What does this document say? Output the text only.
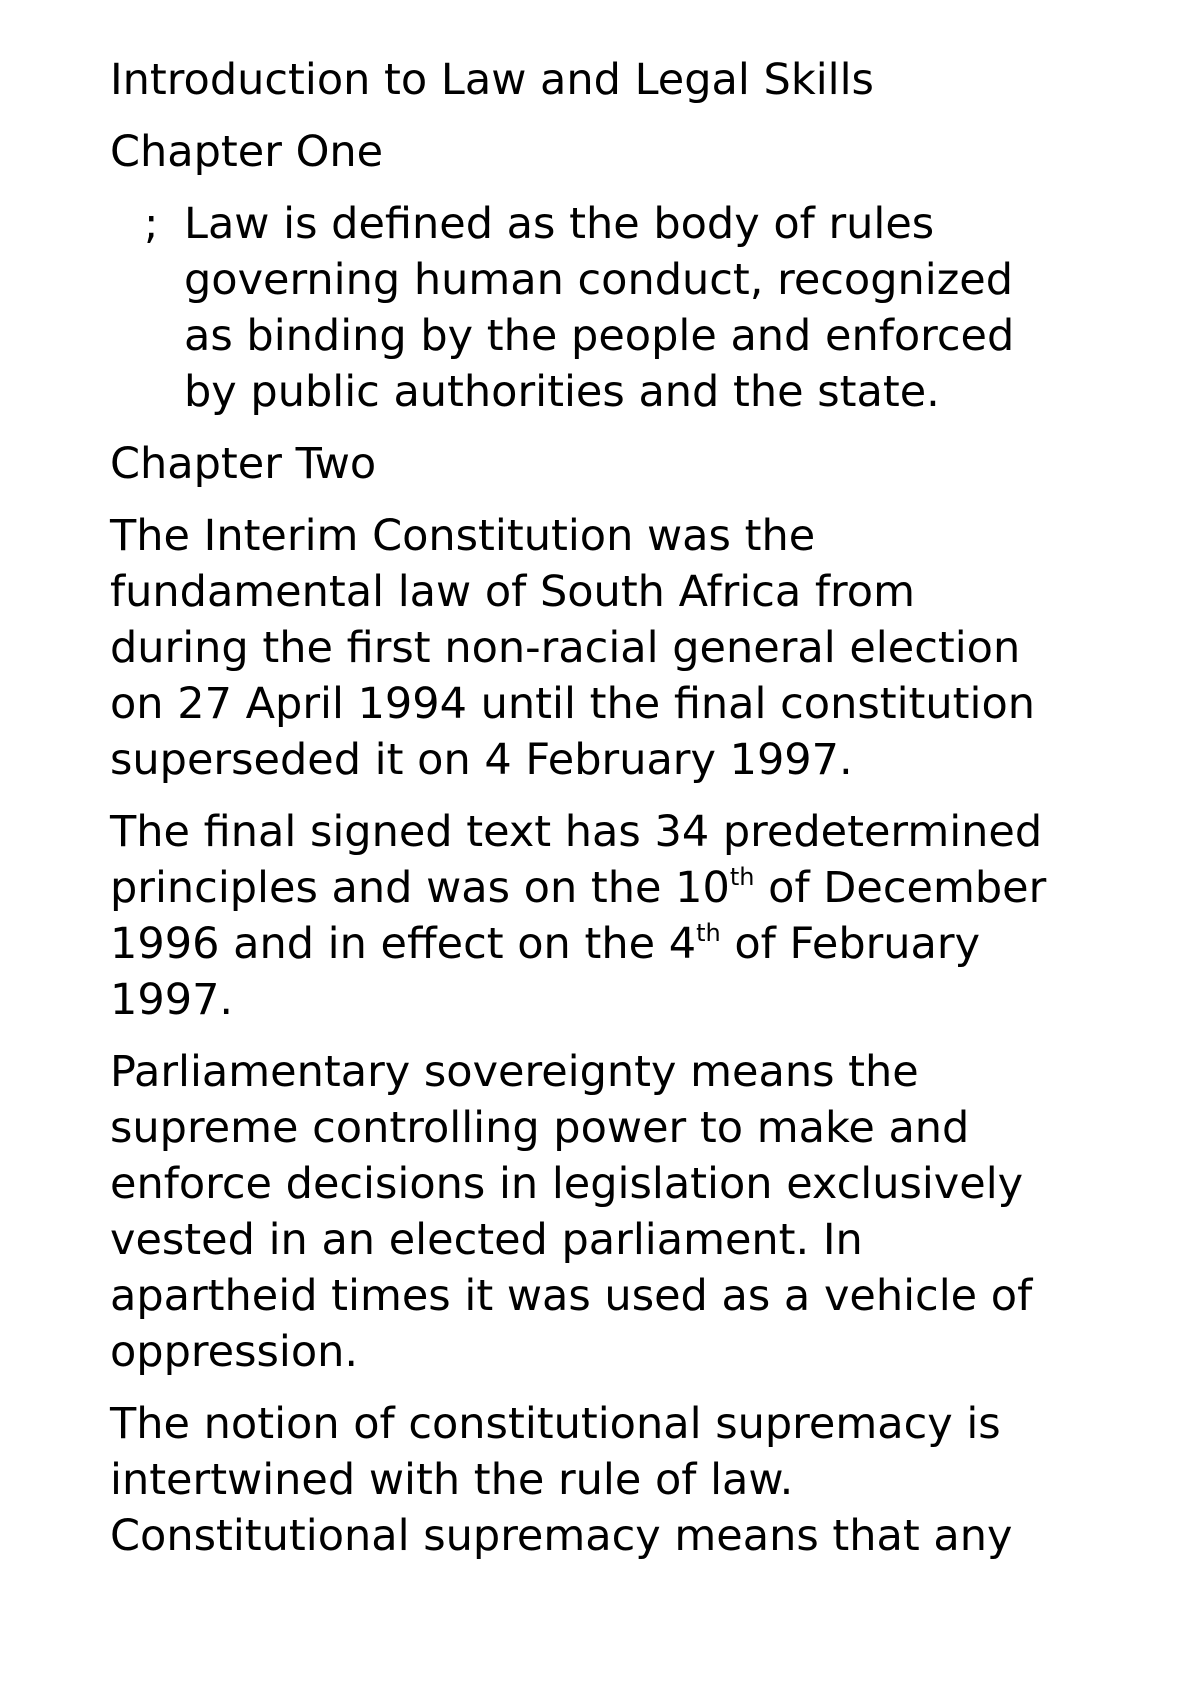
Introduction to Law and Legal Skills
Chapter One
; Law is defined as the body of rules
governing human conduct, recognized
as binding by the people and enforced
by public authorities and the state.
Chapter Two
The Interim Constitution was the
fundamental law of South Africa from
during the first non-racial general election
on 27 April 1994 until the final constitution
superseded it on 4 February 1997.
The final signed text has 34 predetermined
principles and was on the 10th of December
1996 and in effect on the 4th of February
1997.
Parliamentary sovereignty means the
supreme controlling power to make and
enforce decisions in legislation exclusively
vested in an elected parliament. In
apartheid times it was used as a vehicle of
oppression.
The notion of constitutional supremacy is
intertwined with the rule of law.
Constitutional supremacy means that any
